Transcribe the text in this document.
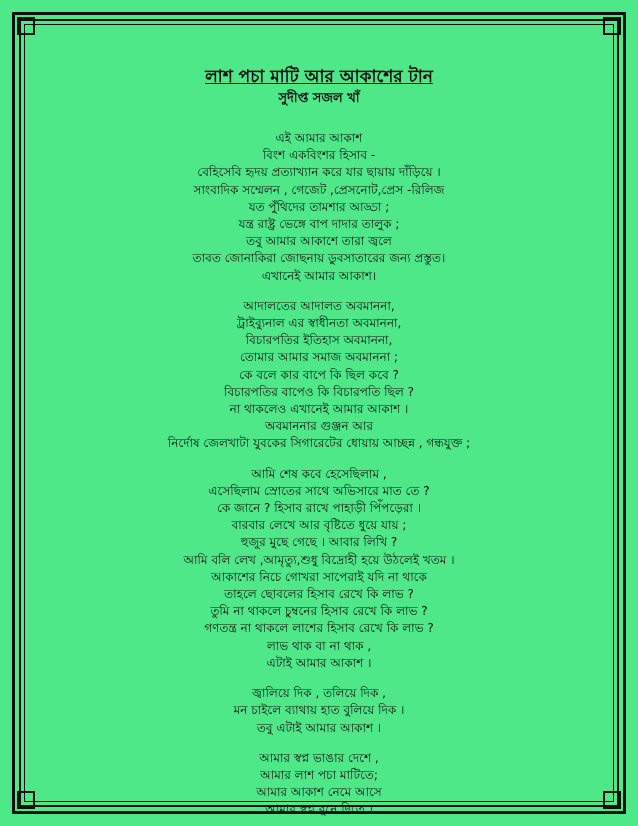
লাশ পচা মাটি আর আকাশের টান
সুদীপ্ত সজল খাঁ
এই আমার আকাশ
বিংশ একবিংশর হিসাব -
বেহিসেবি হৃদয় প্রত্যাখ্যান করে যার ছায়ায় দাঁড়িয়ে ।
সাংবাদিক সম্মেলন , গেজেট ,প্রেসনোট,প্রেস -রিলিজ
যত পুঁথিদের তামশার আড্ডা ;
যন্ত্র রাষ্ট্র ভেঙ্গে বাপ দাদার তালুক ;
তবু আমার আকাশে তারা জ্বলে
তাবত জোনাকিরা জোছনায় ডুবসাতারের জন্য প্রস্তুত।
এখানেই আমার আকাশ।
আদালতের আদালত অবমাননা,
ট্রাইব্যুনাল এর স্বাধীনতা অবমাননা,
বিচারপতির ইতিহাস অবমাননা,
তোমার আমার সমাজ অবমাননা ;
কে বলে কার বাপে কি ছিল কবে ?
বিচারপতির বাপেও কি বিচারপতি ছিল ?
না থাকলেও এখানেই আমার আকাশ ।
অবমাননার গুঞ্জন আর
নির্দোষ জেলখাটা যুবকের সিগারেটের ধোয়ায় আচ্ছন্ন , গন্ধযুক্ত ;
আমি শেষ কবে হেসেছিলাম ,
এসেছিলাম স্রোতের সাথে অভিসারে মাত তে ?
কে জানে ? হিসাব রাখে পাহাড়ী পিঁপড়েরা ।
বারবার লেখে আর বৃষ্টিতে ধুয়ে যায় ;
হুজুর মুছে গেছে । আবার লিখি ?
আমি বলি লেখ ,আমৃত্যু,শুধু বিদ্রোহী হয়ে উঠলেই খতম ।
আকাশের নিচে গোখরা সাপেরাই যদি না থাকে
তাহলে ছোবলের হিসাব রেখে কি লাভ ?
তুমি না থাকলে চুম্বনের হিসাব রেখে কি লাভ ?
গণতন্ত্র না থাকলে লাশের হিসাব রেখে কি লাভ ?
লাভ থাক বা না থাক ,
এটাই আমার আকাশ ।
জ্বালিয়ে দিক , তলিয়ে দিক ,
মন চাইলে ব্যাথায় হাত বুলিয়ে দিক ।
তবু এটাই আমার আকাশ ।
আমার স্বপ্ন ভাঙার দেশে ,
আমার লাশ পচা মাটিতে;
আমার আকাশ নেমে আসে
আমার স্বপ্ন বুনে দিতে ।
